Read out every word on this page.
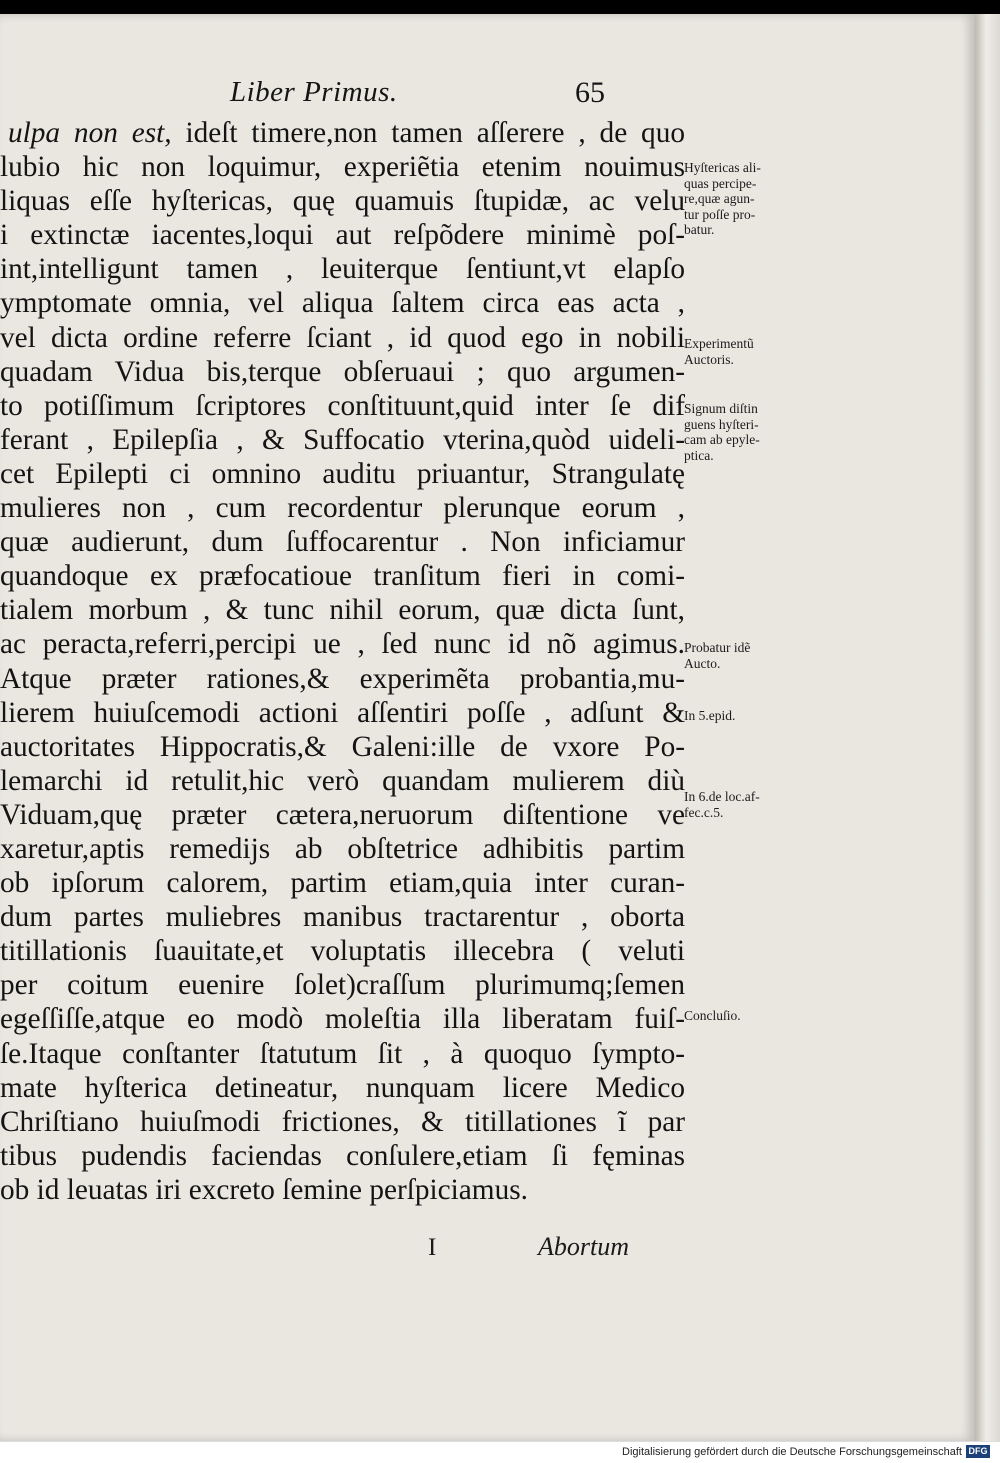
Liber Primus.	65
ulpa non est, ideſt timere,non tamen aſſerere , de quo
lubio hic non loquimur, experiẽtia etenim nouimus
liquas eſſe hyſtericas, quę quamuis ſtupidæ, ac velu
i extinctæ iacentes,loqui aut reſpõdere minimè poſ-
int,intelligunt tamen , leuiterque ſentiunt,vt elapſo
ymptomate omnia, vel aliqua ſaltem circa eas acta ,
vel dicta ordine referre ſciant , id quod ego in nobili
quadam Vidua bis,terque obſeruaui ; quo argumen-
to potiſſimum ſcriptores conſtituunt,quid inter ſe dif
ferant , Epilepſia , & Suffocatio vterina,quòd uideli-
cet Epilepti ci omnino auditu priuantur, Strangulatę
mulieres non , cum recordentur plerunque eorum ,
quæ audierunt, dum ſuffocarentur . Non inficiamur
quandoque ex præfocatioue tranſitum fieri in comi-
tialem morbum , & tunc nihil eorum, quæ dicta ſunt,
ac peracta,referri,percipi ue , ſed nunc id nõ agimus.
Atque præter rationes,& experimẽta probantia,mu-
lierem huiuſcemodi actioni aſſentiri poſſe , adſunt &
auctoritates Hippocratis,& Galeni:ille de vxore Po-
lemarchi id retulit,hic verò quandam mulierem diù
Viduam,quę præter cætera,neruorum diſtentione ve
xaretur,aptis remedijs ab obſtetrice adhibitis partim
ob ipſorum calorem, partim etiam,quia inter curan-
dum partes muliebres manibus tractarentur , oborta
titillationis ſuauitate,et voluptatis illecebra ( veluti
per coitum euenire ſolet)craſſum plurimumq;ſemen
egeſſiſſe,atque eo modò moleſtia illa liberatam fuiſ-
ſe.Itaque conſtanter ſtatutum ſit , à quoquo ſympto-
mate hyſterica detineatur, nunquam licere Medico
Chriſtiano huiuſmodi frictiones, & titillationes ĩ par
tibus pudendis faciendas conſulere,etiam ſi fęminas
ob id leuatas iri excreto ſemine perſpiciamus.
Hyſtericas ali-
quas percipe-
re,quæ agun-
tur poſſe pro-
batur.
Experimentũ
Auctoris.
Signum diſtin
guens hyſteri-
cam ab epyle-
ptica.
Probatur idẽ
Aucto.
In 5.epid.
In 6.de loc.af-
fec.c.5.
Concluſio.
I	Abortum
Digitalisierung gefördert durch die Deutsche Forschungsgemeinschaft DFG
